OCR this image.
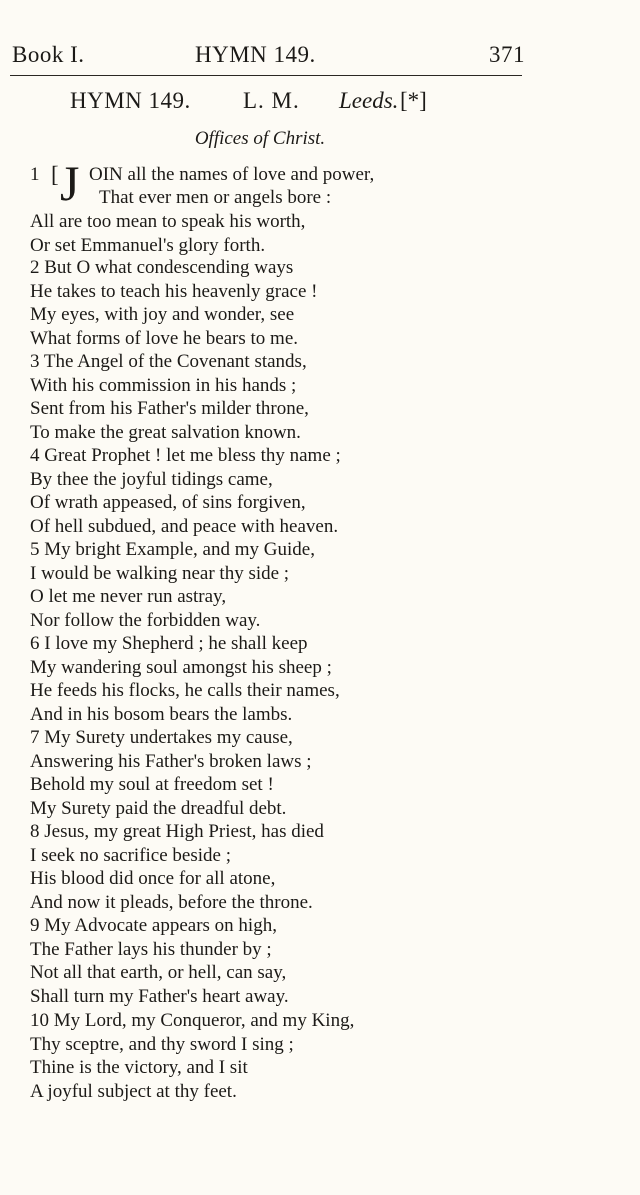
Book I.	HYMN 149.	371
HYMN 149. L. M. Leeds. [*]
Offices of Christ.
1 [ J OIN all the names of love and power,
That ever men or angels bore :
All are too mean to speak his worth,
Or set Emmanuel's glory forth.
2 But O what condescending ways
He takes to teach his heavenly grace !
My eyes, with joy and wonder, see
What forms of love he bears to me.
3 The Angel of the Covenant stands,
With his commission in his hands ;
Sent from his Father's milder throne,
To make the great salvation known.
4 Great Prophet ! let me bless thy name ;
By thee the joyful tidings came,
Of wrath appeased, of sins forgiven,
Of hell subdued, and peace with heaven.
5 My bright Example, and my Guide,
I would be walking near thy side ;
O let me never run astray,
Nor follow the forbidden way.
6 I love my Shepherd ; he shall keep
My wandering soul amongst his sheep ;
He feeds his flocks, he calls their names,
And in his bosom bears the lambs.
7 My Surety undertakes my cause,
Answering his Father's broken laws ;
Behold my soul at freedom set !
My Surety paid the dreadful debt.
8 Jesus, my great High Priest, has died
I seek no sacrifice beside ;
His blood did once for all atone,
And now it pleads, before the throne.
9 My Advocate appears on high,
The Father lays his thunder by ;
Not all that earth, or hell, can say,
Shall turn my Father's heart away.
10 My Lord, my Conqueror, and my King,
Thy sceptre, and thy sword I sing ;
Thine is the victory, and I sit
A joyful subject at thy feet.
